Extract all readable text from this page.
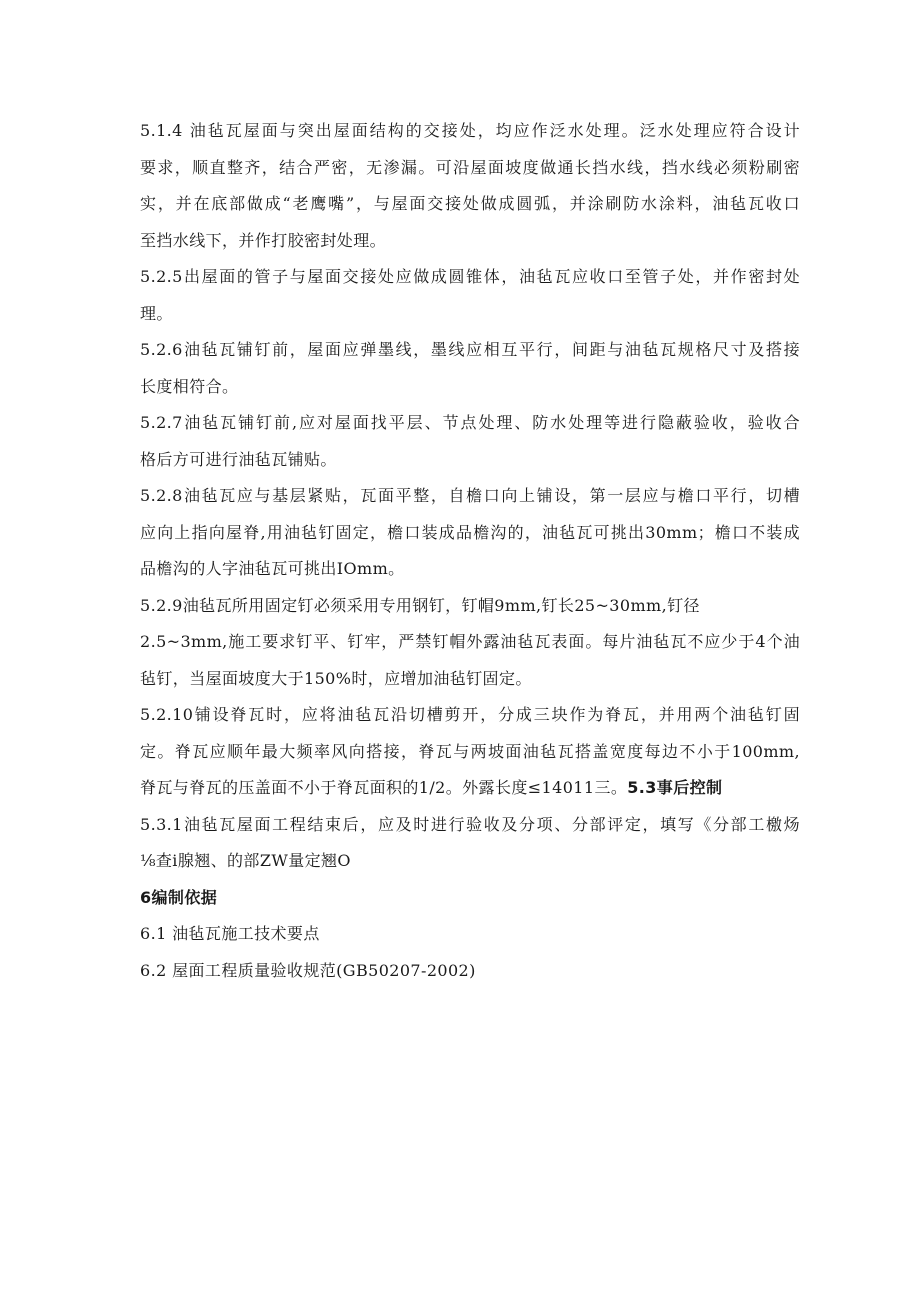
5.1.4 油毡瓦屋面与突出屋面结构的交接处，均应作泛水处理。泛水处理应符合设计
要求，顺直整齐，结合严密，无渗漏。可沿屋面坡度做通长挡水线，挡水线必须粉刷密
实，并在底部做成“老鹰嘴”，与屋面交接处做成圆弧，并涂刷防水涂料，油毡瓦收口
至挡水线下，并作打胶密封处理。
5.2.5出屋面的管子与屋面交接处应做成圆锥体，油毡瓦应收口至管子处，并作密封处
理。
5.2.6油毡瓦铺钉前，屋面应弹墨线，墨线应相互平行，间距与油毡瓦规格尺寸及搭接
长度相符合。
5.2.7油毡瓦铺钉前,应对屋面找平层、节点处理、防水处理等进行隐蔽验收，验收合
格后方可进行油毡瓦铺贴。
5.2.8油毡瓦应与基层紧贴，瓦面平整，自檐口向上铺设，第一层应与檐口平行，切槽
应向上指向屋脊,用油毡钉固定，檐口装成品檐沟的，油毡瓦可挑出30mm；檐口不装成
品檐沟的人字油毡瓦可挑出IOmm。
5.2.9油毡瓦所用固定钉必须采用专用钢钉，钉帽9mm,钉长25~30mm,钉径
2.5~3mm,施工要求钉平、钉牢，严禁钉帽外露油毡瓦表面。每片油毡瓦不应少于4个油
毡钉，当屋面坡度大于150%时，应增加油毡钉固定。
5.2.10铺设脊瓦时，应将油毡瓦沿切槽剪开，分成三块作为脊瓦，并用两个油毡钉固
定。脊瓦应顺年最大频率风向搭接，脊瓦与两坡面油毡瓦搭盖宽度每边不小于100mm,
脊瓦与脊瓦的压盖面不小于脊瓦面积的1/2。外露长度≤14011三。5.3事后控制
5.3.1油毡瓦屋面工程结束后，应及时进行验收及分项、分部评定，填写《分部工檄炀
⅛查i腺翘、的部ZW量定翘O
6编制依据
6.1 油毡瓦施工技术要点
6.2 屋面工程质量验收规范(GB50207-2002)
